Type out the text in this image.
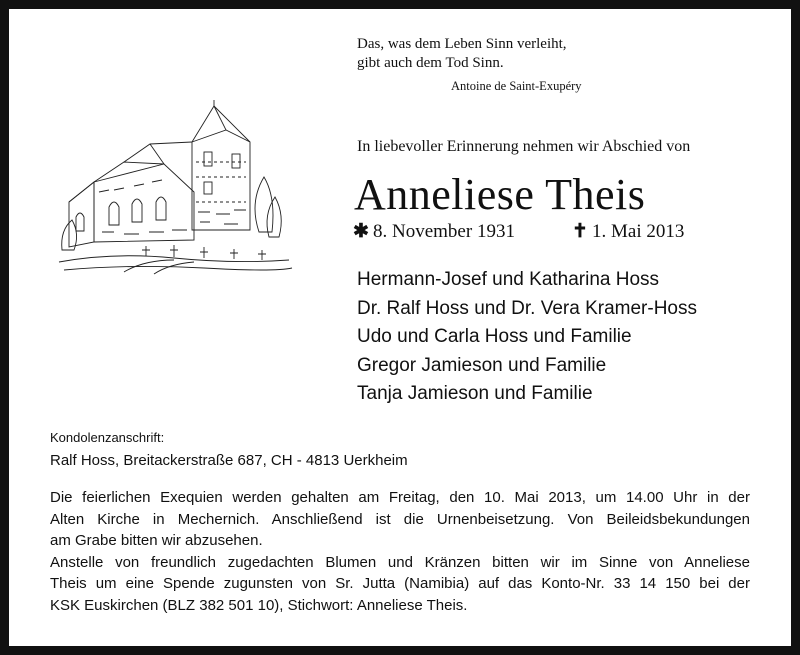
Das, was dem Leben Sinn verleiht,
gibt auch dem Tod Sinn.
Antoine de Saint-Exupéry
In liebevoller Erinnerung nehmen wir Abschied von
Anneliese Theis
✱ 8. November 1931	✝ 1. Mai 2013
Hermann-Josef und Katharina Hoss
Dr. Ralf Hoss und Dr. Vera Kramer-Hoss
Udo und Carla Hoss und Familie
Gregor Jamieson und Familie
Tanja Jamieson und Familie
Kondolenzanschrift:
Ralf Hoss, Breitackerstraße 687, CH - 4813 Uerkheim
Die feierlichen Exequien werden gehalten am Freitag, den 10. Mai 2013, um 14.00 Uhr in der
Alten Kirche in Mechernich. Anschließend ist die Urnenbeisetzung. Von Beileidsbekundungen
am Grabe bitten wir abzusehen.
Anstelle von freundlich zugedachten Blumen und Kränzen bitten wir im Sinne von Anneliese
Theis um eine Spende zugunsten von Sr. Jutta (Namibia) auf das Konto-Nr. 33 14 150 bei der
KSK Euskirchen (BLZ 382 501 10), Stichwort: Anneliese Theis.
